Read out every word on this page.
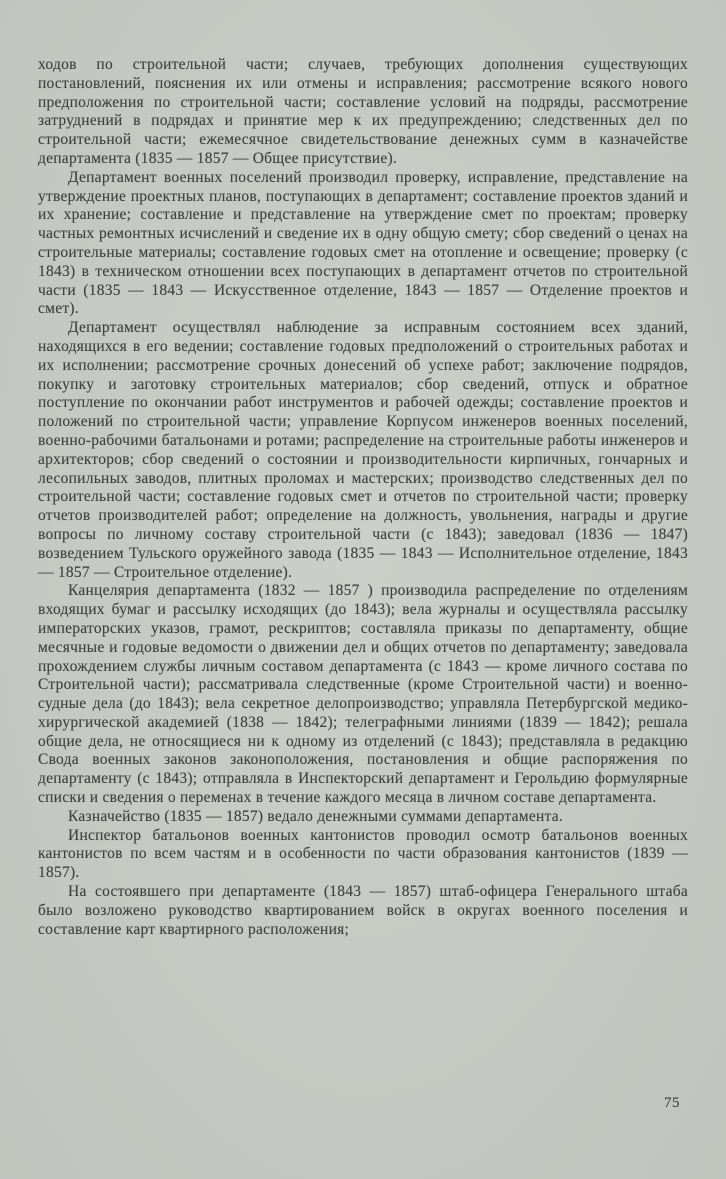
ходов по строительной части; случаев, требующих дополнения существующих постановлений, пояснения их или отмены и исправления; рассмотрение всякого нового предположения по строительной части; составление условий на подряды, рассмотрение затруднений в подрядах и принятие мер к их предупреждению; следственных дел по строительной части; ежемесячное свидетельствование денежных сумм в казначействе департамента (1835 — 1857 — Общее присутствие).

Департамент военных поселений производил проверку, исправление, представление на утверждение проектных планов, поступающих в департамент; составление проектов зданий и их хранение; составление и представление на утверждение смет по проектам; проверку частных ремонтных исчислений и сведение их в одну общую смету; сбор сведений о ценах на строительные материалы; составление годовых смет на отопление и освещение; проверку (с 1843) в техническом отношении всех поступающих в департамент отчетов по строительной части (1835 — 1843 — Искусственное отделение, 1843 — 1857 — Отделение проектов и смет).

Департамент осуществлял наблюдение за исправным состоянием всех зданий, находящихся в его ведении; составление годовых предположений о строительных работах и их исполнении; рассмотрение срочных донесений об успехе работ; заключение подрядов, покупку и заготовку строительных материалов; сбор сведений, отпуск и обратное поступление по окончании работ инструментов и рабочей одежды; составление проектов и положений по строительной части; управление Корпусом инженеров военных поселений, военно-рабочими батальонами и ротами; распределение на строительные работы инженеров и архитекторов; сбор сведений о состоянии и производительности кирпичных, гончарных и лесопильных заводов, плитных проломах и мастерских; производство следственных дел по строительной части; составление годовых смет и отчетов по строительной части; проверку отчетов производителей работ; определение на должность, увольнения, награды и другие вопросы по личному составу строительной части (с 1843); заведовал (1836 — 1847) возведением Тульского оружейного завода (1835 — 1843 — Исполнительное отделение, 1843 — 1857 — Строительное отделение).

Канцелярия департамента (1832 — 1857 ) производила распределение по отделениям входящих бумаг и рассылку исходящих (до 1843); вела журналы и осуществляла рассылку императорских указов, грамот, рескриптов; составляла приказы по департаменту, общие месячные и годовые ведомости о движении дел и общих отчетов по департаменту; заведовала прохождением службы личным составом департамента (с 1843 — кроме личного состава по Строительной части); рассматривала следственные (кроме Строительной части) и военно-судные дела (до 1843); вела секретное делопроизводство; управляла Петербургской медико-хирургической академией (1838 — 1842); телеграфными линиями (1839 — 1842); решала общие дела, не относящиеся ни к одному из отделений (с 1843); представляла в редакцию Свода военных законов законоположения, постановления и общие распоряжения по департаменту (с 1843); отправляла в Инспекторский департамент и Герольдию формулярные списки и сведения о переменах в течение каждого месяца в личном составе департамента.

Казначейство (1835 — 1857) ведало денежными суммами департамента.

Инспектор батальонов военных кантонистов проводил осмотр батальонов военных кантонистов по всем частям и в особенности по части образования кантонистов (1839 — 1857).

На состоявшего при департаменте (1843 — 1857) штаб-офицера Генерального штаба было возложено руководство квартированием войск в округах военного поселения и составление карт квартирного расположения;

75
